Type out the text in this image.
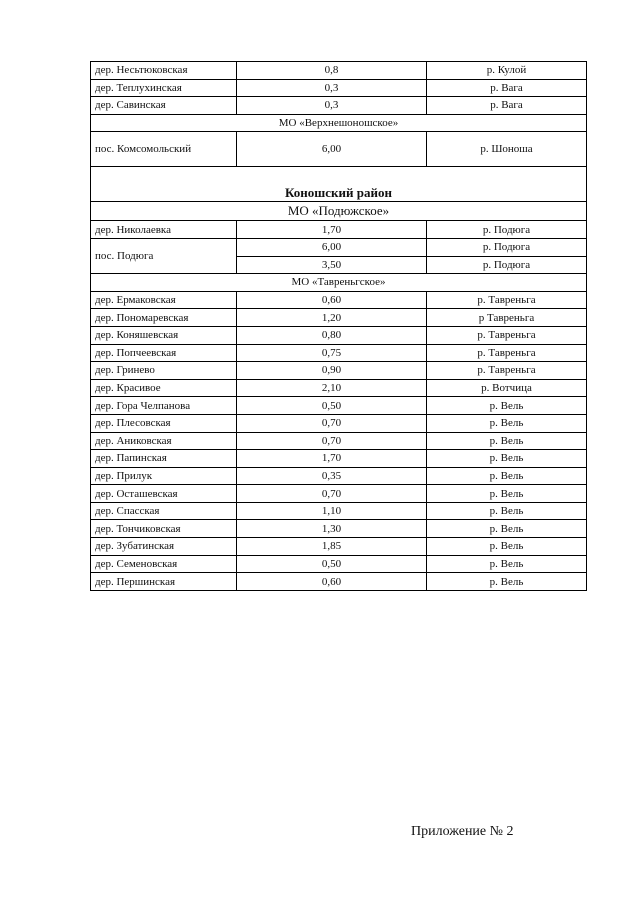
дер. Несьтюковская	0,8	р. Кулой
дер. Теплухинская	0,3	р. Вага
дер. Савинская	0,3	р. Вага
МО «Верхнешоношское»		
пос. Комсомольский	6,00	р. Шоноша
Коношский район		
МО «Подюжское»		
дер. Николаевка	1,70	р. Подюга
пос. Подюга	6,00	р. Подюга
	3,50	р. Подюга
МО «Тавреньгское»		
дер. Ермаковская	0,60	р. Тавреньга
дер. Пономаревская	1,20	р Тавреньга
дер. Коняшевская	0,80	р. Тавреньга
дер. Попчеевская	0,75	р. Тавреньга
дер. Гринево	0,90	р. Тавреньга
дер. Красивое	2,10	р. Вотчица
дер. Гора Челпанова	0,50	р. Вель
дер. Плесовская	0,70	р. Вель
дер. Аниковская	0,70	р. Вель
дер. Папинская	1,70	р. Вель
дер. Прилук	0,35	р. Вель
дер. Осташевская	0,70	р. Вель
дер. Спасская	1,10	р. Вель
дер. Тончиковская	1,30	р. Вель
дер. Зубатинская	1,85	р. Вель
дер. Семеновская	0,50	р. Вель
дер. Першинская	0,60	р. Вель
Приложение № 2
